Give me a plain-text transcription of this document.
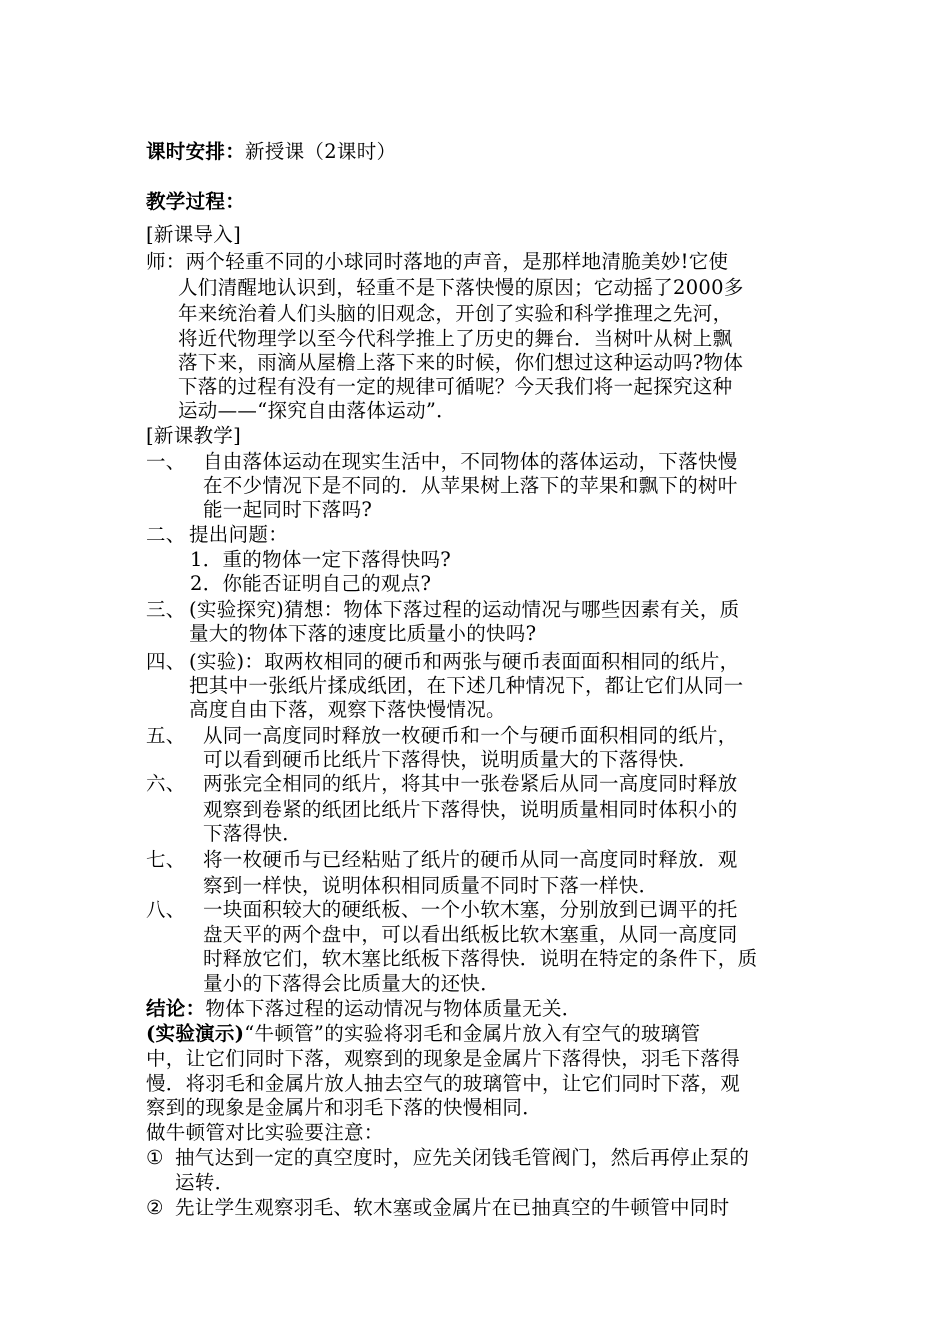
课时安排：新授课（2课时）
教学过程：
[新课导入]
师：两个轻重不同的小球同时落地的声音，是那样地清脆美妙!它使
人们清醒地认识到，轻重不是下落快慢的原因；它动摇了2000多
年来统治着人们头脑的旧观念，开创了实验和科学推理之先河，
将近代物理学以至今代科学推上了历史的舞台．当树叶从树上飘
落下来，雨滴从屋檐上落下来的时候，你们想过这种运动吗?物体
下落的过程有没有一定的规律可循呢？今天我们将一起探究这种
运动——“探究自由落体运动”．
[新课教学]
一、 自由落体运动在现实生活中，不同物体的落体运动，下落快慢
在不少情况下是不同的．从苹果树上落下的苹果和飘下的树叶
能一起同时下落吗?
二、 提出问题：
1．重的物体一定下落得快吗?
2．你能否证明自己的观点?
三、 (实验探究)猜想：物体下落过程的运动情况与哪些因素有关，质
量大的物体下落的速度比质量小的快吗?
四、 (实验)：取两枚相同的硬币和两张与硬币表面面积相同的纸片，
把其中一张纸片揉成纸团，在下述几种情况下，都让它们从同一
高度自由下落，观察下落快慢情况。
五、 从同一高度同时释放一枚硬币和一个与硬币面积相同的纸片，
可以看到硬币比纸片下落得快，说明质量大的下落得快．
六、 两张完全相同的纸片，将其中一张卷紧后从同一高度同时释放
观察到卷紧的纸团比纸片下落得快，说明质量相同时体积小的
下落得快．
七、 将一枚硬币与已经粘贴了纸片的硬币从同一高度同时释放．观
察到一样快，说明体积相同质量不同时下落一样快．
八、 一块面积较大的硬纸板、一个小软木塞，分别放到已调平的托
盘天平的两个盘中，可以看出纸板比软木塞重，从同一高度同
时释放它们，软木塞比纸板下落得快．说明在特定的条件下，质
量小的下落得会比质量大的还快．
结论：物体下落过程的运动情况与物体质量无关．
(实验演示)“牛顿管”的实验将羽毛和金属片放入有空气的玻璃管
中，让它们同时下落，观察到的现象是金属片下落得快，羽毛下落得
慢．将羽毛和金属片放人抽去空气的玻璃管中，让它们同时下落，观
察到的现象是金属片和羽毛下落的快慢相同．
做牛顿管对比实验要注意：
① 抽气达到一定的真空度时，应先关闭钱毛管阀门，然后再停止泵的
运转．
② 先让学生观察羽毛、软木塞或金属片在已抽真空的牛顿管中同时
